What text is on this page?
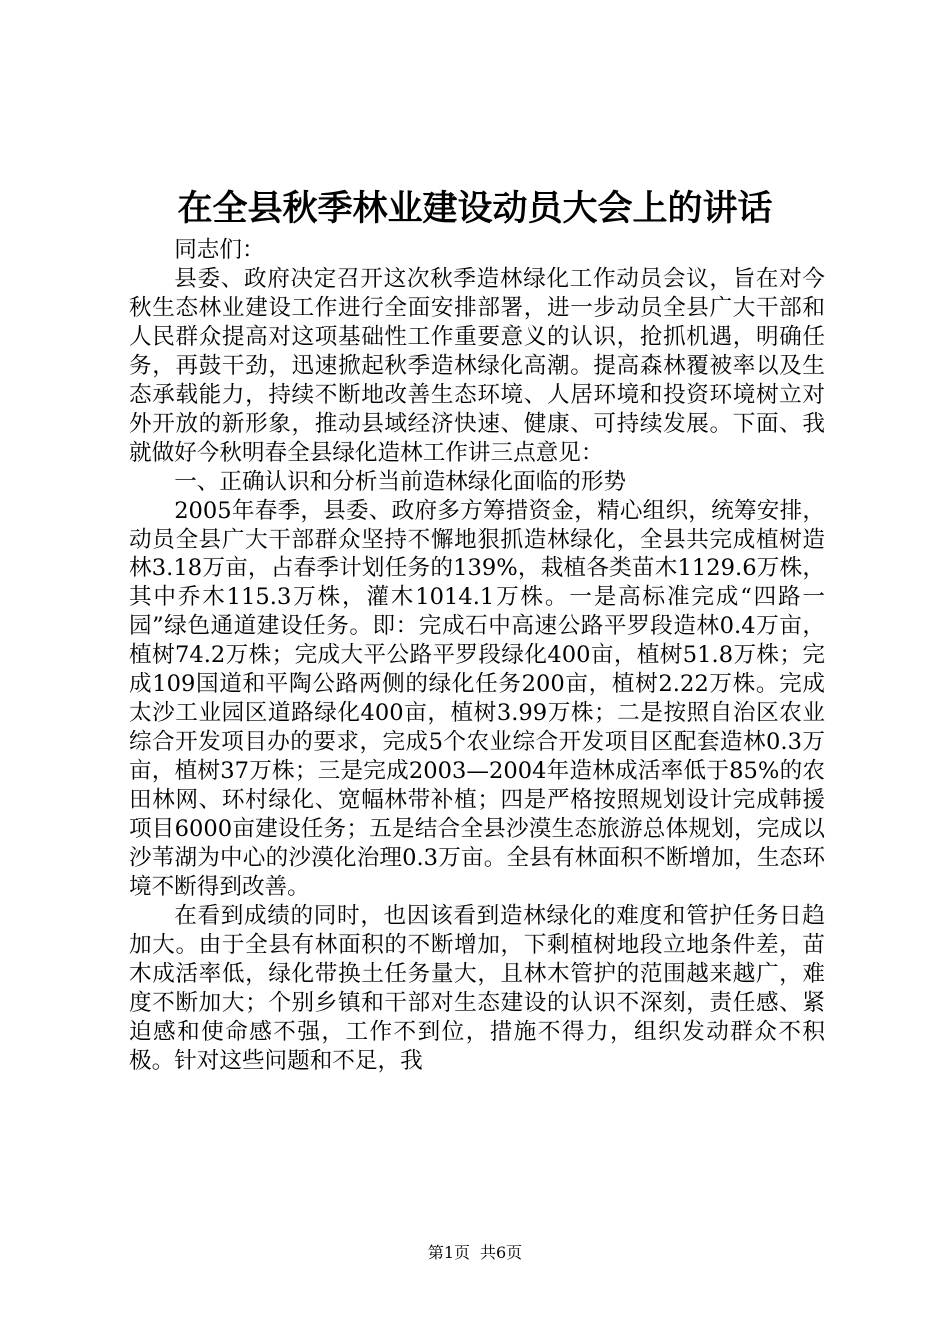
在全县秋季林业建设动员大会上的讲话

同志们：

县委、政府决定召开这次秋季造林绿化工作动员会议，旨在对今秋生态林业建设工作进行全面安排部署，进一步动员全县广大干部和人民群众提高对这项基础性工作重要意义的认识，抢抓机遇，明确任务，再鼓干劲，迅速掀起秋季造林绿化高潮。提高森林覆被率以及生态承载能力，持续不断地改善生态环境、人居环境和投资环境树立对外开放的新形象，推动县域经济快速、健康、可持续发展。下面、我就做好今秋明春全县绿化造林工作讲三点意见：

一、正确认识和分析当前造林绿化面临的形势

2005年春季，县委、政府多方筹措资金，精心组织，统筹安排，动员全县广大干部群众坚持不懈地狠抓造林绿化，全县共完成植树造林3.18万亩，占春季计划任务的139%，栽植各类苗木1129.6万株，其中乔木115.3万株，灌木1014.1万株。一是高标准完成“四路一园”绿色通道建设任务。即：完成石中高速公路平罗段造林0.4万亩，植树74.2万株；完成大平公路平罗段绿化400亩，植树51.8万株；完成109国道和平陶公路两侧的绿化任务200亩，植树2.22万株。完成太沙工业园区道路绿化400亩，植树3.99万株；二是按照自治区农业综合开发项目办的要求，完成5个农业综合开发项目区配套造林0.3万亩，植树37万株；三是完成2003—2004年造林成活率低于85%的农田林网、环村绿化、宽幅林带补植；四是严格按照规划设计完成韩援项目6000亩建设任务；五是结合全县沙漠生态旅游总体规划，完成以沙苇湖为中心的沙漠化治理0.3万亩。全县有林面积不断增加，生态环境不断得到改善。

在看到成绩的同时，也因该看到造林绿化的难度和管护任务日趋加大。由于全县有林面积的不断增加，下剩植树地段立地条件差，苗木成活率低，绿化带换土任务量大，且林木管护的范围越来越广，难度不断加大；个别乡镇和干部对生态建设的认识不深刻，责任感、紧迫感和使命感不强，工作不到位，措施不得力，组织发动群众不积极。针对这些问题和不足，我

第1页 共6页
